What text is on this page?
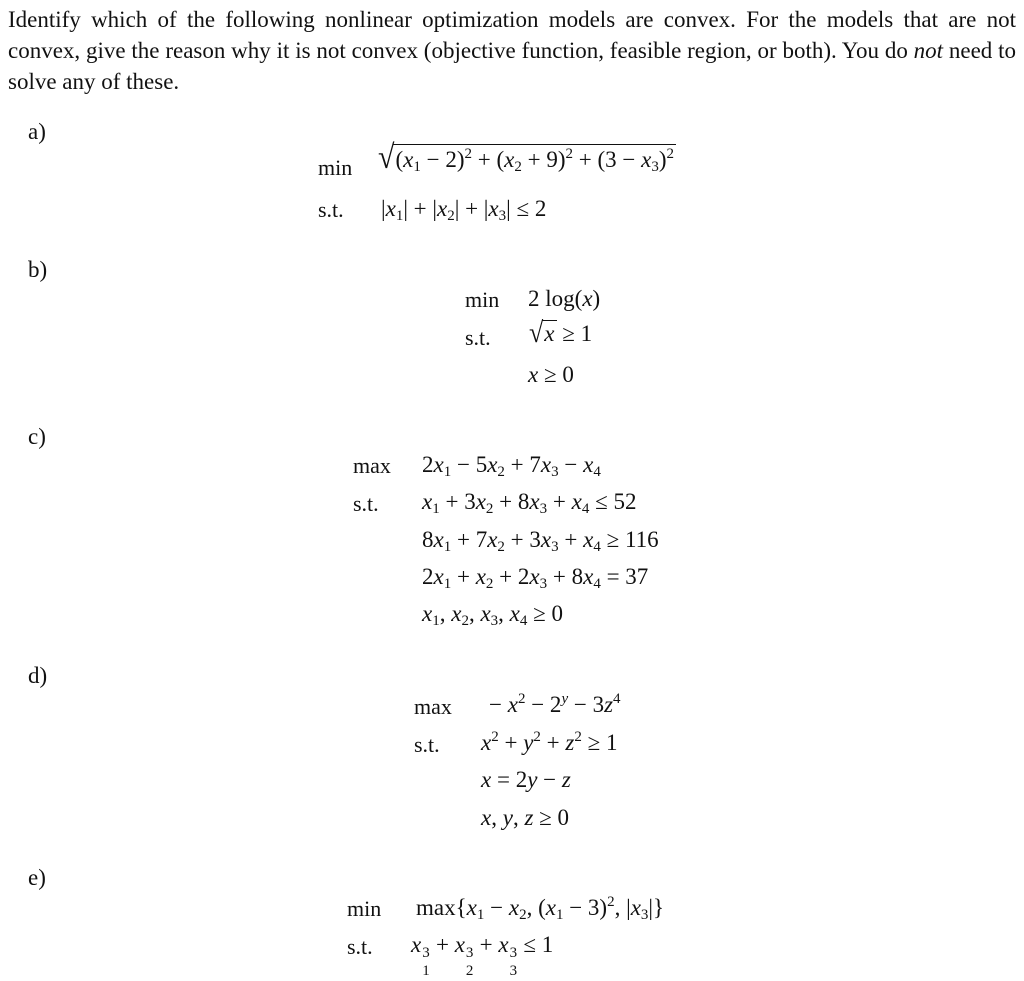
Identify which of the following nonlinear optimization models are convex. For the models that are not convex, give the reason why it is not convex (objective function, feasible region, or both). You do not need to solve any of these.
a)
$\min √(x_1 - 2)^2 + (x_2 + 9)^2 + (3 - x_3)^2$
s.t. $|x_1| + |x_2| + |x_3| \le 2$
b)
min 2 log(x)
s.t. √x ≥ 1
x ≥ 0
c)
$\max 2x_1 - 5x_2 + 7x_3 - x_4$
s.t. $x_1 + 3x_2 + 8x_3 + x_4 \le 52$
$8x_1 + 7x_2 + 3x_3 + x_4 \ge 116$
$2x_1 + x_2 + 2x_3 + 8x_4 = 37$
$x_1$, $x_2$, $x_3$, $x_4 \ge 0$
d)
$\max - x^2 - 2^y - 3z^4$
s.t. $x^2 + y^2 + z^2 \ge 1$
x = 2y − z
x, y, z ≥ 0
e)
$\min \max\{x_1 - x_2$, $(x_1 - 3)^2$, $|x_3|$}
s.t. x 3
1
+ x 3
2
+ x 3
3
≤ 1
